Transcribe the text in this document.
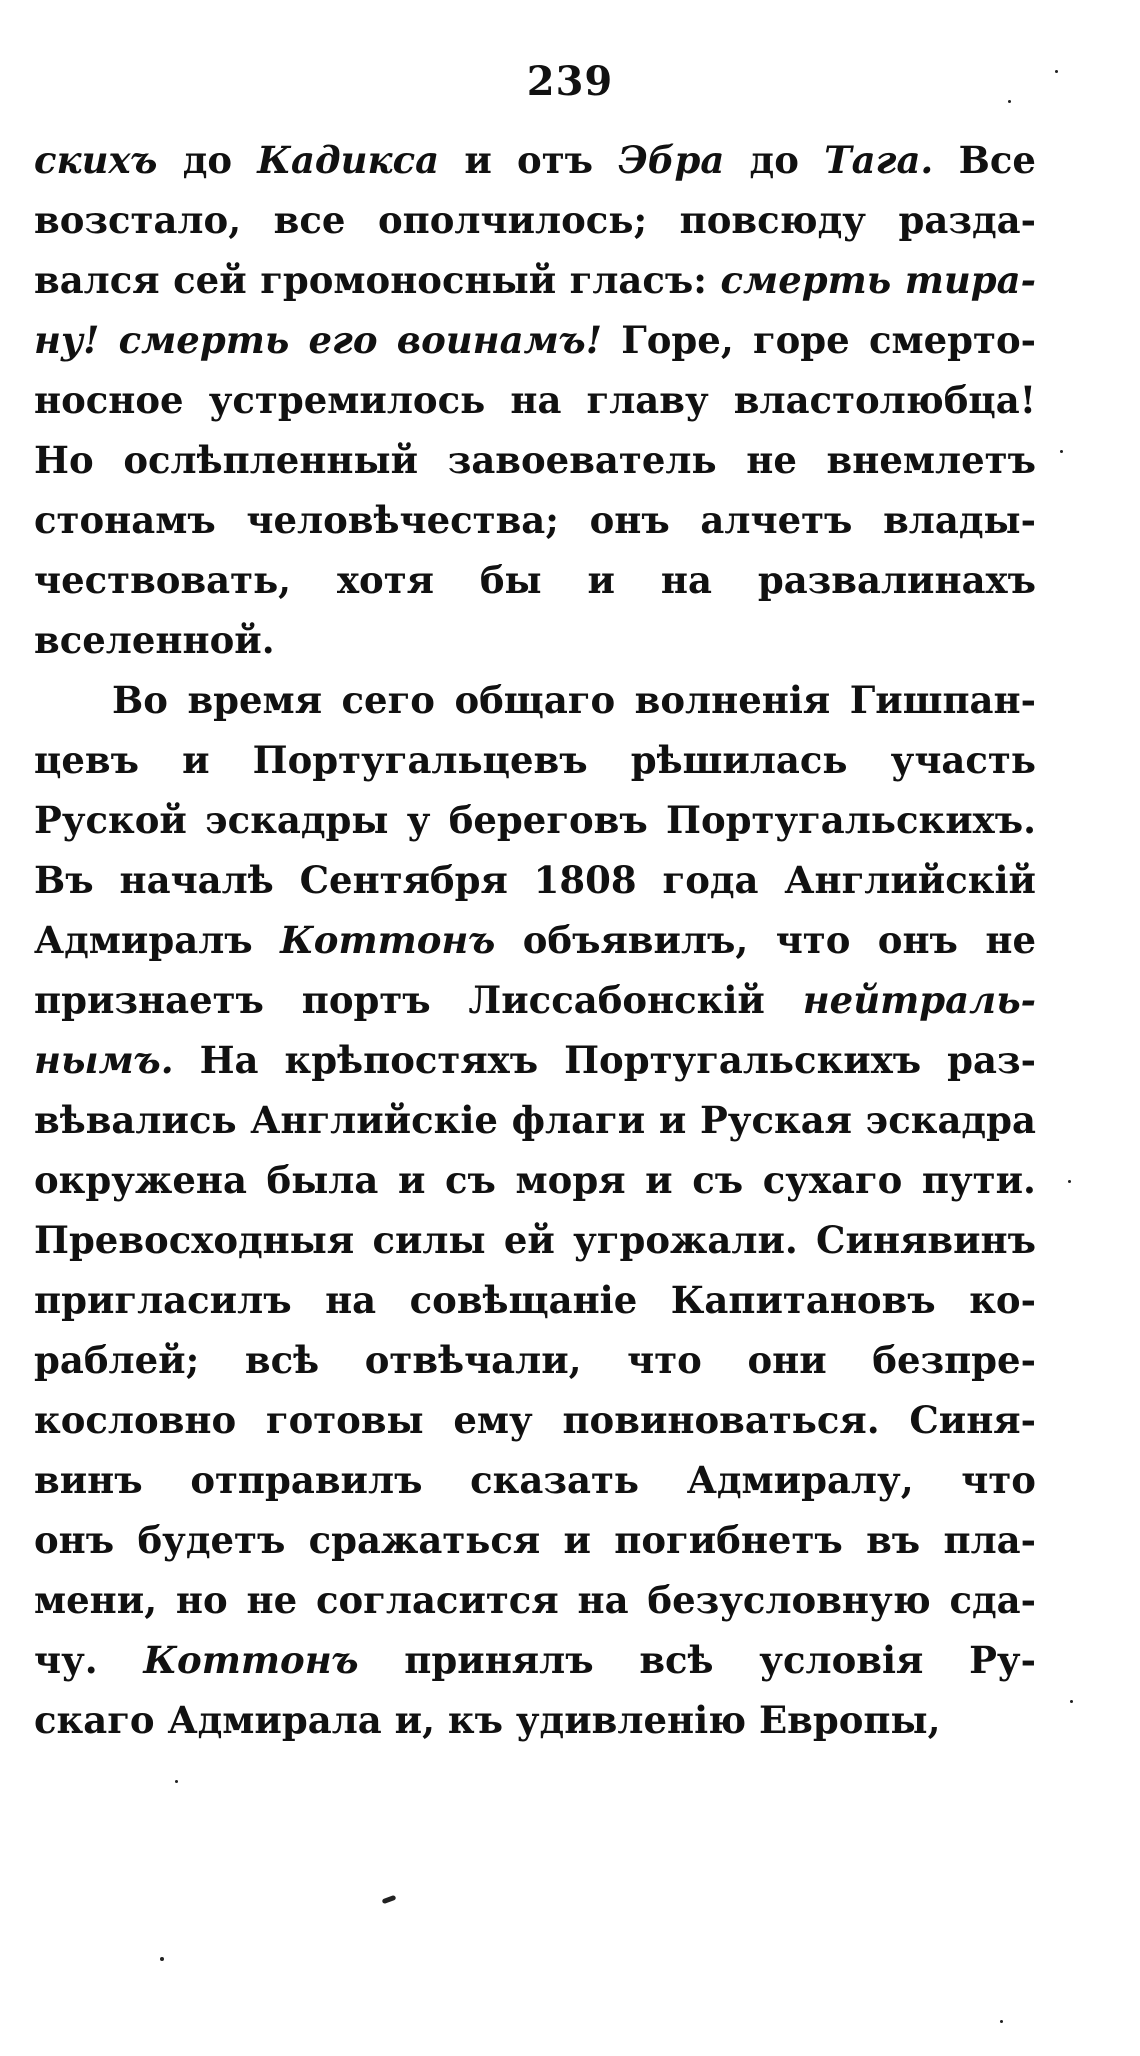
239
скихъ до Кадикса и отъ Эбра до Тага. Все
возстало, все ополчилось; повсюду разда-
вался сей громоносный гласъ: смерть тира-
ну! смерть его воинамъ! Горе, горе смерто-
носное устремилось на главу властолюбца!
Но ослѣпленный завоеватель не внемлетъ
стонамъ человѣчества; онъ алчетъ влады-
чествовать, хотя бы и на развалинахъ
вселенной.
Во время сего общаго волненія Гишпан-
цевъ и Португальцевъ рѣшилась участь
Руской эскадры у береговъ Португальскихъ.
Въ началѣ Сентября 1808 года Английскій
Адмиралъ Коттонъ объявилъ, что онъ не
признаетъ портъ Лиссабонскій нейтраль-
нымъ. На крѣпостяхъ Португальскихъ раз-
вѣвались Английскіе флаги и Руская эскадра
окружена была и съ моря и съ сухаго пути.
Превосходныя силы ей угрожали. Синявинъ
пригласилъ на совѣщаніе Капитановъ ко-
раблей; всѣ отвѣчали, что они безпре-
кословно готовы ему повиноваться. Синя-
винъ отправилъ сказать Адмиралу, что
онъ будетъ сражаться и погибнетъ въ пла-
мени, но не согласится на безусловную сда-
чу. Коттонъ принялъ всѣ условія Ру-
скаго Адмирала и, къ удивленію Европы,
